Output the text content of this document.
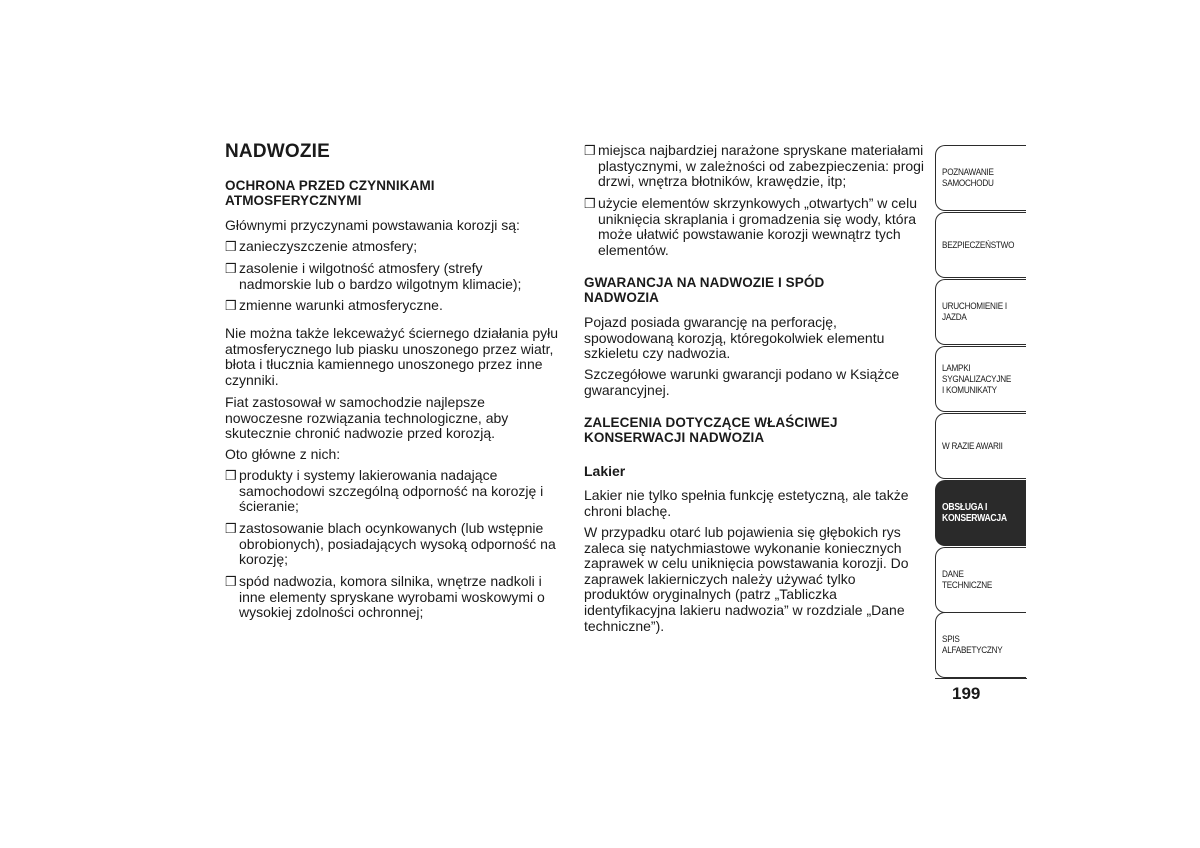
NADWOZIE
OCHRONA PRZED CZYNNIKAMI ATMOSFERYCZNYMI
Głównymi przyczynami powstawania korozji są:
❒ zanieczyszczenie atmosfery;
❒ zasolenie i wilgotność atmosfery (strefy nadmorskie lub o bardzo wilgotnym klimacie);
❒ zmienne warunki atmosferyczne.
Nie można także lekceważyć ściernego działania pyłu atmosferycznego lub piasku unoszonego przez wiatr, błota i tłucznia kamiennego unoszonego przez inne czynniki.
Fiat zastosował w samochodzie najlepsze nowoczesne rozwiązania technologiczne, aby skutecznie chronić nadwozie przed korozją.
Oto główne z nich:
❒ produkty i systemy lakierowania nadające samochodowi szczególną odporność na korozję i ścieranie;
❒ zastosowanie blach ocynkowanych (lub wstępnie obrobionych), posiadających wysoką odporność na korozję;
❒ spód nadwozia, komora silnika, wnętrze nadkoli i inne elementy spryskane wyrobami woskowymi o wysokiej zdolności ochronnej;
❒ miejsca najbardziej narażone spryskane materiałami plastycznymi, w zależności od zabezpieczenia: progi drzwi, wnętrza błotników, krawędzie, itp;
❒ użycie elementów skrzynkowych „otwartych” w celu uniknięcia skraplania i gromadzenia się wody, która może ułatwić powstawanie korozji wewnątrz tych elementów.
GWARANCJA NA NADWOZIE I SPÓD NADWOZIA
Pojazd posiada gwarancję na perforację, spowodowaną korozją, któregokolwiek elementu szkieletu czy nadwozia.
Szczegółowe warunki gwarancji podano w Książce gwarancyjnej.
ZALECENIA DOTYCZĄCE WŁAŚCIWEJ KONSERWACJI NADWOZIA
Lakier
Lakier nie tylko spełnia funkcję estetyczną, ale także chroni blachę.
W przypadku otarć lub pojawienia się głębokich rys zaleca się natychmiastowe wykonanie koniecznych zaprawek w celu uniknięcia powstawania korozji. Do zaprawek lakierniczych należy używać tylko produktów oryginalnych (patrz „Tabliczka identyfikacyjna lakieru nadwozia” w rozdziale „Dane techniczne”).
POZNAWANIE SAMOCHODU
BEZPIECZEŃSTWO
URUCHOMIENIE I JAZDA
LAMPKI SYGNALIZACYJNE I KOMUNIKATY
W RAZIE AWARII
OBSŁUGA I KONSERWACJA
DANE TECHNICZNE
SPIS ALFABETYCZNY
199
